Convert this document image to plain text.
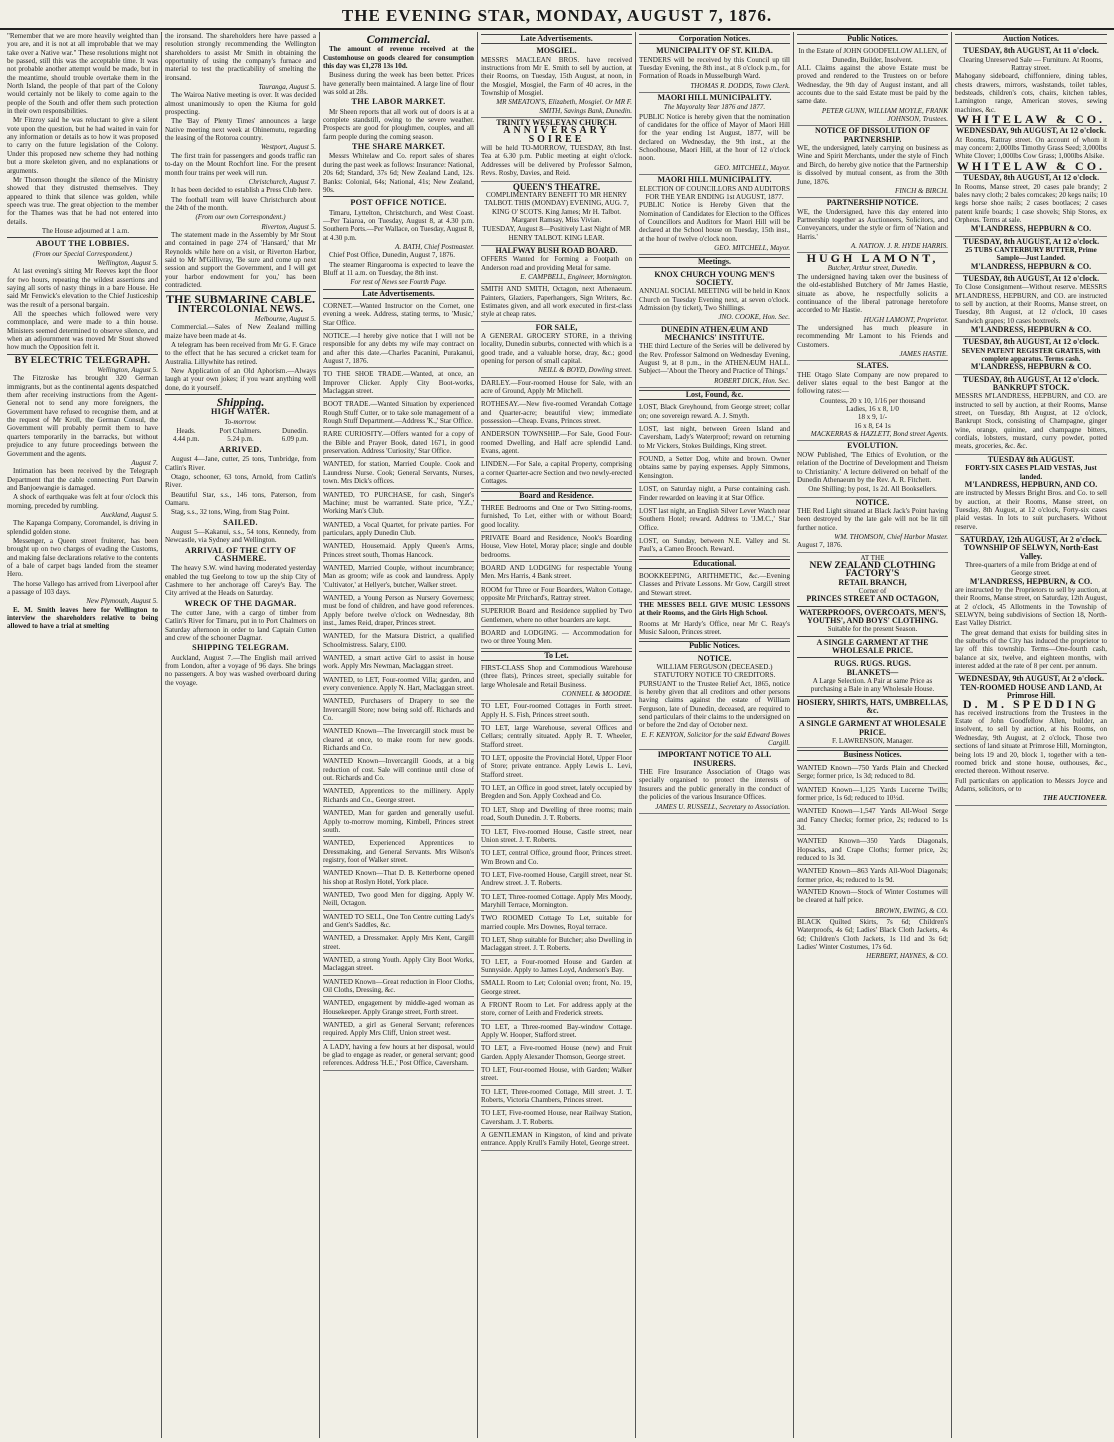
THE EVENING STAR, MONDAY, AUGUST 7, 1876.

"Remember that we are more heavily weighted than you are, and it is not at all improbable that we may take over a Native war." These resolutions might not be passed, still this was the acceptable time. It was not probable another attempt would be made, but in the meantime, should trouble overtake them in the North Island, the people of that part of the Colony would certainly not be likely to come again to the people of the South and offer them such protection in their own responsibilities.

Mr Fitzroy said he was reluctant to give a silent vote upon the question, but he had waited in vain for any information or details as to how it was proposed to carry on the future legislation of the Colony. Under this proposed new scheme they had nothing but a more skeleton given, and no explanations or arguments.

Mr Thomson thought the silence of the Ministry showed that they distrusted themselves. They appeared to think that silence was golden, while speech was true. The great objection to the member for the Thames was that he had not entered into details.

The House adjourned at 1 a.m.

ABOUT THE LOBBIES.
(From our Special Correspondent.)
Wellington, August 5.

At last evening's sitting Mr Reeves kept the floor for two hours, repeating the wildest assertions and saying all sorts of nasty things in a bare House. He said Mr Fenwick's elevation to the Chief Justiceship was the result of a personal bargain.

All the speeches which followed were very commonplace, and were made to a thin house. Ministers seemed determined to observe silence, and when an adjournment was moved Mr Stout showed how much the Opposition felt it.

BY ELECTRIC TELEGRAPH.
Wellington, August 5.

The Fitzroske has brought 320 German immigrants, but as the continental agents despatched them after receiving instructions from the Agent-General not to send any more foreigners, the Government have refused to recognise them, and at the request of Mr Kroll, the German Consul, the Government will probably permit them to have quarters temporarily in the barracks, but without prejudice to any future proceedings between the Government and the agents.

August 7.

Intimation has been received by the Telegraph Department that the cable connecting Port Darwin and Banjoewangie is damaged.

A shock of earthquake was felt at four o'clock this morning, preceded by rumbling.

Auckland, August 5.

The Kapanga Company, Coromandel, is driving in splendid golden stone.

Messenger, a Queen street fruiterer, has been brought up on two charges of evading the Customs, and making false declarations relative to the contents of a bale of carpet bags landed from the steamer Hero.

The horse Vallego has arrived from Liverpool after a passage of 103 days.

New Plymouth, August 5.

E. M. Smith leaves here for Wellington to interview the shareholders relative to being allowed to have a trial at smelting

the ironsand. The shareholders here have passed a resolution strongly recommending the Wellington shareholders to assist Mr Smith in obtaining the opportunity of using the company's furnace and material to test the practicability of smelting the ironsand.

Tauranga, August 5.

The Wairoa Native meeting is over. It was decided almost unanimously to open the Kiuma for gold prospecting.

The 'Bay of Plenty Times' announces a large Native meeting next week at Ohinemutu, regarding the leasing of the Rotoroa country.

Westport, August 5.

The first train for passengers and goods traffic ran to-day on the Mount Rochfort line. For the present month four trains per week will run.

Christchurch, August 7.

It has been decided to establish a Press Club here.

The football team will leave Christchurch about the 24th of the month.

(From our own Correspondent.)
Riverton, August 5.

The statement made in the Assembly by Mr Stout and contained in page 274 of 'Hansard,' that Mr Reynolds while here on a visit, or Riverton Harbor, said to Mr M'Gillivray, 'Be sure and come up next session and support the Government, and I will get your harbor endowment for you,' has been contradicted.

THE SUBMARINE CABLE.
INTERCOLONIAL NEWS.
Melbourne, August 5.

Commercial.—Sales of New Zealand milling maize have been made at 4s.

A telegram has been received from Mr G. F. Grace to the effect that he has secured a cricket team for Australia. Lillywhite has retired.

New Application of an Old Aphorism.—Always laugh at your own jokes; if you want anything well done, do it yourself.

Shipping.
HIGH WATER.
To-morrow.
Heads.	Port Chalmers.	Dunedin.
4.44 p.m.	5.24 p.m.	6.09 p.m.
ARRIVED.

August 4—Jane, cutter, 25 tons, Tunbridge, from Catlin's River.

Otago, schooner, 63 tons, Arnold, from Catlin's River.

Beautiful Star, s.s., 146 tons, Paterson, from Oamaru.

Stag, s.s., 32 tons, Wing, from Stag Point.

SAILED.

August 5—Kakanui, s.s., 54 tons, Kennedy, from Newcastle, via Sydney and Wellington.

ARRIVAL OF THE CITY OF CASHMERE.

The heavy S.W. wind having moderated yesterday enabled the tug Geelong to tow up the ship City of Cashmere to her anchorage off Carey's Bay. The City arrived at the Heads on Saturday.

WRECK OF THE DAGMAR.

The cutter Jane, with a cargo of timber from Catlin's River for Timaru, put in to Port Chalmers on Saturday afternoon in order to land Captain Cutten and crew of the schooner Dagmar.

SHIPPING TELEGRAM.

Auckland, August 7.—The English mail arrived from London, after a voyage of 96 days. She brings no passengers. A boy was washed overboard during the voyage.

Commercial.

The amount of revenue received at the Customhouse on goods cleared for consumption this day was £1,278 13s 10d.

Business during the week has been better. Prices have generally been maintained. A large line of flour was sold at 28s.

THE LABOR MARKET.

Mr Sheen reports that all work out of doors is at a complete standstill, owing to the severe weather. Prospects are good for ploughmen, couples, and all farm people during the coming season.

THE SHARE MARKET.

Messrs Whitelaw and Co. report sales of shares during the past week as follows: Insurance: National, 20s 6d; Standard, 37s 6d; New Zealand Land, 12s. Banks: Colonial, 64s; National, 41s; New Zealand, 90s.

POST OFFICE NOTICE.

Timaru, Lyttelton, Christchurch, and West Coast.—Per Taiaroa, on Tuesday, August 8, at 4.30 p.m. Southern Ports.—Per Wallace, on Tuesday, August 8, at 4.30 p.m.

A. BATH, Chief Postmaster.

Chief Post Office, Dunedin, August 7, 1876.

The steamer Ringarooma is expected to leave the Bluff at 11 a.m. on Tuesday, the 8th inst.

For rest of News see Fourth Page.
Late Advertisements.

CORNET.—Wanted Instructor on the Cornet, one evening a week. Address, stating terms, to 'Music,' Star Office.

NOTICE.—I hereby give notice that I will not be responsible for any debts my wife may contract on and after this date.—Charles Pacanini, Purakanui, August 7, 1876.

TO THE SHOE TRADE.—Wanted, at once, an Improver Clicker. Apply City Boot-works, Maclaggan street.

BOOT TRADE.—Wanted Situation by experienced Rough Stuff Cutter, or to take sole management of a Rough Stuff Department.—Address 'K.,' Star Office.

RARE CURIOSITY.—Offers wanted for a copy of the Bible and Prayer Book, dated 1671, in good preservation. Address 'Curiosity,' Star Office.

WANTED, for station, Married Couple. Cook and Laundress Nurse. Cook; General Servants, Nurses, town. Mrs Dick's offices.

WANTED, TO PURCHASE, for cash, Singer's Machine; must be warranted. State price, 'Y.Z.,' Working Man's Club.

WANTED, a Vocal Quartet, for private parties. For particulars, apply Dunedin Club.

WANTED, Housemaid. Apply Queen's Arms, Princes street south, Thomas Hancock.

WANTED, Married Couple, without incumbrance; Man as groom; wife as cook and laundress. Apply 'Cultivator,' at Hellyer's, butcher, Walker street.

WANTED, a Young Person as Nursery Governess; must be fond of children, and have good references. Apply before twelve o'clock on Wednesday, 8th inst., James Reid, draper, Princes street.

WANTED, for the Matsura District, a qualified Schoolmistress. Salary, £100.

WANTED, a smart active Girl to assist in house work. Apply Mrs Newman, Maclaggan street.

WANTED, to LET, Four-roomed Villa; garden, and every convenience. Apply N. Hart, Maclaggan street.

WANTED, Purchasers of Drapery to see the Invercargill Store; now being sold off. Richards and Co.

WANTED Known—The Invercargill stock must be cleared at once, to make room for new goods. Richards and Co.

WANTED Known—Invercargill Goods, at a big reduction of cost. Sale will continue until close of out. Richards and Co.

WANTED, Apprentices to the millinery. Apply Richards and Co., George street.

WANTED, Man for garden and generally useful. Apply to-morrow morning, Kimbell, Princes street south.

WANTED, Experienced Apprentices to Dressmaking, and General Servants. Mrs Wilson's registry, foot of Walker street.

WANTED Known—That D. B. Ketterborne opened his shop at Roslyn Hotel, York place.

WANTED, Two good Men for digging. Apply W. Neill, Octagon.

WANTED TO SELL, One Ton Centre cutting Lady's and Gent's Saddles, &c.

WANTED, a Dressmaker. Apply Mrs Kent, Cargill street.

WANTED, a strong Youth. Apply City Boot Works, Maclaggan street.

WANTED Known—Great reduction in Floor Cloths, Oil Cloths, Dressing, &c.

WANTED, engagement by middle-aged woman as Housekeeper. Apply Grange street, Forth street.

WANTED, a girl as General Servant; references required. Apply Mrs Cliff, Union street west.

A LADY, having a few hours at her disposal, would be glad to engage as reader, or general servant; good references. Address 'H.E.,' Post Office, Caversham.

Late Advertisements.
MOSGIEL.

MESSRS MACLEAN BROS. have received instructions from Mr E. Smith to sell by auction, at their Rooms, on Tuesday, 15th August, at noon, in the Mosgiel, Mosgiel, the Farm of 40 acres, in the Township of Mosgiel.

MR SMEATON'S, Elizabeth, Mosgiel. Or MR F. SMITH, Savings Bank, Dunedin.
TRINITY WESLEYAN CHURCH.
ANNIVERSARY SOIREE

will be held TO-MORROW, TUESDAY, 8th Inst. Tea at 6.30 p.m. Public meeting at eight o'clock. Addresses will be delivered by Professor Salmon, Revs. Rosby, Davies, and Reid.

QUEEN'S THEATRE.

COMPLIMENTARY BENEFIT TO MR HENRY TALBOT. THIS (MONDAY) EVENING, AUG. 7, KING O' SCOTS. King James; Mr H. Talbot. Margaret Ramsay, Miss Vivian.

TUESDAY, August 8—Positively Last Night of MR HENRY TALBOT. KING LEAR.

HALFWAY BUSH ROAD BOARD.

OFFERS Wanted for Forming a Footpath on Anderson road and providing Metal for same.

E. CAMPBELL, Engineer, Mornington.

SMITH AND SMITH, Octagon, next Athenaeum. Painters, Glaziers, Paperhangers, Sign Writers, &c. Estimates given, and all work executed in first-class style at cheap rates.

FOR SALE,

A GENERAL GROCERY STORE, in a thriving locality, Dunedin suburbs, connected with which is a good trade, and a valuable horse, dray, &c.; good opening for person of small capital.

NEILL & BOYD, Dowling street.

DARLEY.—Four-roomed House for Sale, with an acre of Ground, Apply Mr Mitchell.

ROTHESAY.—New five-roomed Verandah Cottage and Quarter-acre; beautiful view; immediate possession—Cheap. Evans, Princes street.

ANDERSON TOWNSHIP.—For Sale, Good Four-roomed Dwelling, and Half acre splendid Land. Evans, agent.

LINDEN.—For Sale, a capital Property, comprising a corner Quarter-acre Section and two newly-erected Cottages.

Board and Residence.

THREE Bedrooms and One or Two Sitting-rooms, furnished, To Let, either with or without Board; good locality.

PRIVATE Board and Residence, Nook's Boarding House, View Hotel, Moray place; single and double bedrooms.

BOARD AND LODGING for respectable Young Men. Mrs Harris, 4 Bank street.

ROOM for Three or Four Boarders, Walton Cottage, opposite Mr Pritchard's, Rattray street.

SUPERIOR Board and Residence supplied by Two Gentlemen, where no other boarders are kept.

BOARD and LODGING. — Accommodation for two or three Young Men.

To Let.

FIRST-CLASS Shop and Commodious Warehouse (three flats), Princes street, specially suitable for large Wholesale and Retail Business.

CONNELL & MOODIE.

TO LET, Four-roomed Cottages in Forth street. Apply H. S. Fish, Princes street south.

TO LET, large Warehouse, several Offices and Cellars; centrally situated. Apply R. T. Wheeler, Stafford street.

TO LET, opposite the Provincial Hotel, Upper Floor of Store; private entrance. Apply Lewis L. Levi, Stafford street.

TO LET, an Office in good street, lately occupied by Bregden and Son. Apply Coxhead and Co.

TO LET, Shop and Dwelling of three rooms; main road, South Dunedin. J. T. Roberts.

TO LET, Five-roomed House, Castle street, near Union street. J. T. Roberts.

TO LET, central Office, ground floor, Princes street. Wm Brown and Co.

TO LET, Five-roomed House, Cargill street, near St. Andrew street. J. T. Roberts.

TO LET, Three-roomed Cottage. Apply Mrs Moody, Maryhill Terrace, Mornington.

TWO ROOMED Cottage To Let, suitable for married couple. Mrs Downes, Royal terrace.

TO LET, Shop suitable for Butcher; also Dwelling in Maclaggan street. J. T. Roberts.

TO LET, a Four-roomed House and Garden at Sunnyside. Apply to James Loyd, Anderson's Bay.

SMALL Room to Let; Colonial oven; front, No. 19, George street.

A FRONT Room to Let. For address apply at the store, corner of Leith and Frederick streets.

TO LET, a Three-roomed Bay-window Cottage. Apply W. Hooper, Stafford street.

TO LET, a Five-roomed House (new) and Fruit Garden. Apply Alexander Thomson, George street.

TO LET, Four-roomed House, with Garden; Walker street.

TO LET, Three-roomed Cottage, Mill street. J. T. Roberts, Victoria Chambers, Princes street.

TO LET, Five-roomed House, near Railway Station, Caversham. J. T. Roberts.

A GENTLEMAN in Kingston, of kind and private entrance. Apply Krull's Family Hotel, George street.

Corporation Notices.
MUNICIPALITY OF ST. KILDA.

TENDERS will be received by this Council up till Tuesday Evening, the 8th inst., at 8 o'clock p.m., for Formation of Roads in Musselburgh Ward.

THOMAS R. DODDS, Town Clerk.
MAORI HILL MUNICIPALITY.
The Mayoralty Year 1876 and 1877.

PUBLIC Notice is hereby given that the nomination of candidates for the office of Mayor of Maori Hill for the year ending 1st August, 1877, will be declared on Wednesday, the 9th inst., at the Schoolhouse, Maori Hill, at the hour of 12 o'clock noon.

GEO. MITCHELL, Mayor.
MAORI HILL MUNICIPALITY.
ELECTION OF COUNCILLORS AND AUDITORS FOR THE YEAR ENDING 1st AUGUST, 1877.

PUBLIC Notice is Hereby Given that the Nomination of Candidates for Election to the Offices of Councillors and Auditors for Maori Hill will be declared at the School house on Tuesday, 15th inst., at the hour of twelve o'clock noon.

GEO. MITCHELL, Mayor.
Meetings.
KNOX CHURCH YOUNG MEN'S SOCIETY.

ANNUAL SOCIAL MEETING will be held in Knox Church on Tuesday Evening next, at seven o'clock. Admission (by ticket), Two Shillings.

JNO. COOKE, Hon. Sec.
DUNEDIN ATHENÆUM AND MECHANICS' INSTITUTE.

THE third Lecture of the Series will be delivered by the Rev. Professor Salmond on Wednesday Evening, August 9, at 8 p.m., in the ATHENÆUM HALL. Subject—'About the Theory and Practice of Things.'

ROBERT DICK, Hon. Sec.
Lost, Found, &c.

LOST, Black Greyhound, from George street; collar on; one sovereign reward. A. J. Smyth.

LOST, last night, between Green Island and Caversham, Lady's Waterproof; reward on returning to Mr Vickers, Stokes Buildings, King street.

FOUND, a Setter Dog, white and brown. Owner obtains same by paying expenses. Apply Simmons, Kensington.

LOST, on Saturday night, a Purse containing cash. Finder rewarded on leaving it at Star Office.

LOST last night, an English Silver Lever Watch near Southern Hotel; reward. Address to 'J.M.C.,' Star Office.

LOST, on Sunday, between N.E. Valley and St. Paul's, a Cameo Brooch. Reward.

Educational.

BOOKKEEPING, ARITHMETIC, &c.—Evening Classes and Private Lessons. Mr Gow, Cargill street and Stewart street.

THE MESSES BELL GIVE MUSIC LESSONS at their Rooms, and the Girls High School.

Rooms at Mr Hardy's Office, near Mr C. Reay's Music Saloon, Princes street.

Public Notices.
NOTICE.
WILLIAM FERGUSON (DECEASED.) STATUTORY NOTICE TO CREDITORS.

PURSUANT to the Trustee Relief Act, 1865, notice is hereby given that all creditors and other persons having claims against the estate of William Ferguson, late of Dunedin, deceased, are required to send particulars of their claims to the undersigned on or before the 2nd day of October next.

E. F. KENYON, Solicitor for the said Edward Bowes Cargill.
IMPORTANT NOTICE TO ALL INSURERS.

THE Fire Insurance Association of Otago was specially organised to protect the interests of Insurers and the public generally in the conduct of the policies of the various Insurance Offices.

JAMES U. RUSSELL, Secretary to Association.
Public Notices.
In the Estate of JOHN GOODFELLOW ALLEN, of Dunedin, Builder, Insolvent.

ALL Claims against the above Estate must be proved and rendered to the Trustees on or before Wednesday, the 9th day of August instant, and all accounts due to the said Estate must be paid by the same date.

PETER GUNN, WILLIAM MOYLE, FRANK JOHNSON, Trustees.
NOTICE OF DISSOLUTION OF PARTNERSHIP.

WE, the undersigned, lately carrying on business as Wine and Spirit Merchants, under the style of Finch and Birch, do hereby give notice that the Partnership is dissolved by mutual consent, as from the 30th June, 1876.

FINCH & BIRCH.
PARTNERSHIP NOTICE.

WE, the Undersigned, have this day entered into Partnership together as Auctioneers, Solicitors, and Conveyancers, under the style or firm of 'Nation and Harris.'

A. NATION. J. R. HYDE HARRIS.
HUGH LAMONT,
Butcher, Arthur street, Dunedin.

The undersigned having taken over the business of the old-established Butchery of Mr James Hastie, situate as above, he respectfully solicits a continuance of the liberal patronage heretofore accorded to Mr Hastie.

HUGH LAMONT, Proprietor.

The undersigned has much pleasure in recommending Mr Lamont to his Friends and Customers.

JAMES HASTIE.
SLATES.

THE Otago Slate Company are now prepared to deliver slates equal to the best Bangor at the following rates:—

Countess, 20 x 10, 1/16 per thousand
Ladies, 16 x 8, 1/0
18 x 9, 1/-
16 x 8, £4 1s
MACKERRAS & HAZLETT, Bond street Agents.
EVOLUTION.

NOW Published, 'The Ethics of Evolution, or the relation of the Doctrine of Development and Theism to Christianity.' A lecture delivered on behalf of the Dunedin Athenaeum by the Rev. A. R. Fitchett.

One Shilling; by post, 1s 2d. All Booksellers.

NOTICE.

THE Red Light situated at Black Jack's Point having been destroyed by the late gale will not be lit till further notice.

WM. THOMSON, Chief Harbor Master.
August 7, 1876.
AT THE
NEW ZEALAND CLOTHING FACTORY'S
RETAIL BRANCH,
Corner of
PRINCES STREET AND OCTAGON,
WATERPROOFS, OVERCOATS, MEN'S, YOUTHS', AND BOYS' CLOTHING.
Suitable for the present Season.
A SINGLE GARMENT AT THE WHOLESALE PRICE.
RUGS. RUGS. RUGS.
BLANKETS—
A Large Selection. A Pair at same Price as purchasing a Bale in any Wholesale House.
HOSIERY, SHIRTS, HATS, UMBRELLAS, &c.
A SINGLE GARMENT AT WHOLESALE PRICE.
F. LAWRENSON, Manager.
Business Notices.

WANTED Known—750 Yards Plain and Checked Serge; former price, 1s 3d; reduced to 8d.

WANTED Known—1,125 Yards Lucerne Twills; former price, 1s 6d; reduced to 10½d.

WANTED Known—1,547 Yards All-Wool Serge and Fancy Checks; former price, 2s; reduced to 1s 3d.

WANTED Known—350 Yards Diagonals, Hopsacks, and Crape Cloths; former price, 2s; reduced to 1s 3d.

WANTED Known—863 Yards All-Wool Diagonals; former price, 4s; reduced to 1s 9d.

WANTED Known—Stock of Winter Costumes will be cleared at half price.

BROWN, EWING, & CO.

BLACK Quilted Skirts, 7s 6d; Children's Waterproofs, 4s 6d; Ladies' Black Cloth Jackets, 4s 6d; Children's Cloth Jackets, 1s 11d and 3s 6d; Ladies' Winter Costumes, 17s 6d.

HERBERT, HAYNES, & CO.
Auction Notices.
TUESDAY, 8th AUGUST, At 11 o'clock.
Clearing Unreserved Sale — Furniture. At Rooms, Rattray street.

Mahogany sideboard, chiffonniere, dining tables, chests drawers, mirrors, washstands, toilet tables, bedsteads, children's cots, chairs, kitchen tables, Lamington range, American stoves, sewing machines, &c.

WHITELAW & CO.
WEDNESDAY, 9th AUGUST, At 12 o'clock.

At Rooms, Rattray street. On account of whom it may concern: 2,000lbs Timothy Grass Seed; 3,000lbs White Clover; 1,000lbs Cow Grass; 1,000lbs Alsike.

WHITELAW & CO.
TUESDAY, 8th AUGUST, At 12 o'clock.

In Rooms, Manse street, 20 cases pale brandy; 2 bales navy cloth; 2 bales corncakes; 20 kegs nails; 10 kegs horse shoe nails; 2 cases bootlaces; 2 cases patent knife boards; 1 case shovels; Ship Stores, ex Orpheus. Terms at sale.

M'LANDRESS, HEPBURN & CO.
TUESDAY, 8th AUGUST, At 12 o'clock.
25 TUBS CANTERBURY BUTTER, Prime Sample—Just Landed.
M'LANDRESS, HEPBURN & CO.
TUESDAY, 8th AUGUST, At 12 o'clock.

To Close Consignment—Without reserve. MESSRS M'LANDRESS, HEPBURN, and CO. are instructed to sell by auction, at their Rooms, Manse street, on Tuesday, 8th August, at 12 o'clock, 10 cases Sandwich grapes; 10 cases boxtreels.

M'LANDRESS, HEPBURN & CO.
TUESDAY, 8th AUGUST, At 12 o'clock.
SEVEN PATENT REGISTER GRATES, with complete apparatus. Terms cash.
M'LANDRESS, HEPBURN & CO.
TUESDAY, 8th AUGUST, At 12 o'clock.
BANKRUPT STOCK.

MESSRS M'LANDRESS, HEPBURN, and CO. are instructed to sell by auction, at their Rooms, Manse street, on Tuesday, 8th August, at 12 o'clock, Bankrupt Stock, consisting of Champagne, ginger wine, orange, quinine, and champagne bitters, cordials, lobsters, mustard, curry powder, potted meats, groceries, &c. &c.

TUESDAY 8th AUGUST.
FORTY-SIX CASES PLAID VESTAS, Just landed.
M'LANDRESS, HEPBURN, AND CO.

are instructed by Messrs Bright Bros. and Co. to sell by auction, at their Rooms, Manse street, on Tuesday, 8th August, at 12 o'clock, Forty-six cases plaid vestas. In lots to suit purchasers. Without reserve.

SATURDAY, 12th AUGUST, At 2 o'clock.
TOWNSHIP OF SELWYN, North-East Valley.
Three-quarters of a mile from Bridge at end of George street.
M'LANDRESS, HEPBURN, & CO.

are instructed by the Proprietors to sell by auction, at their Rooms, Manse street, on Saturday, 12th August, at 2 o'clock, 45 Allotments in the Township of SELWYN, being subdivisions of Section 18, North-East Valley District.

The great demand that exists for building sites in the suburbs of the City has induced the proprietor to lay off this township. Terms—One-fourth cash, balance at six, twelve, and eighteen months, with interest added at the rate of 8 per cent. per annum.

WEDNESDAY, 9th AUGUST, At 2 o'clock.
TEN-ROOMED HOUSE AND LAND, At Primrose Hill.
D. M. SPEDDING

has received instructions from the Trustees in the Estate of John Goodfellow Allen, builder, an insolvent, to sell by auction, at his Rooms, on Wednesday, 9th August, at 2 o'clock, Those two sections of land situate at Primrose Hill, Mornington, being lots 19 and 20, block 1, together with a ten-roomed brick and stone house, outhouses, &c., erected thereon. Without reserve.

Full particulars on application to Messrs Joyce and Adams, solicitors, or to

THE AUCTIONEER.
